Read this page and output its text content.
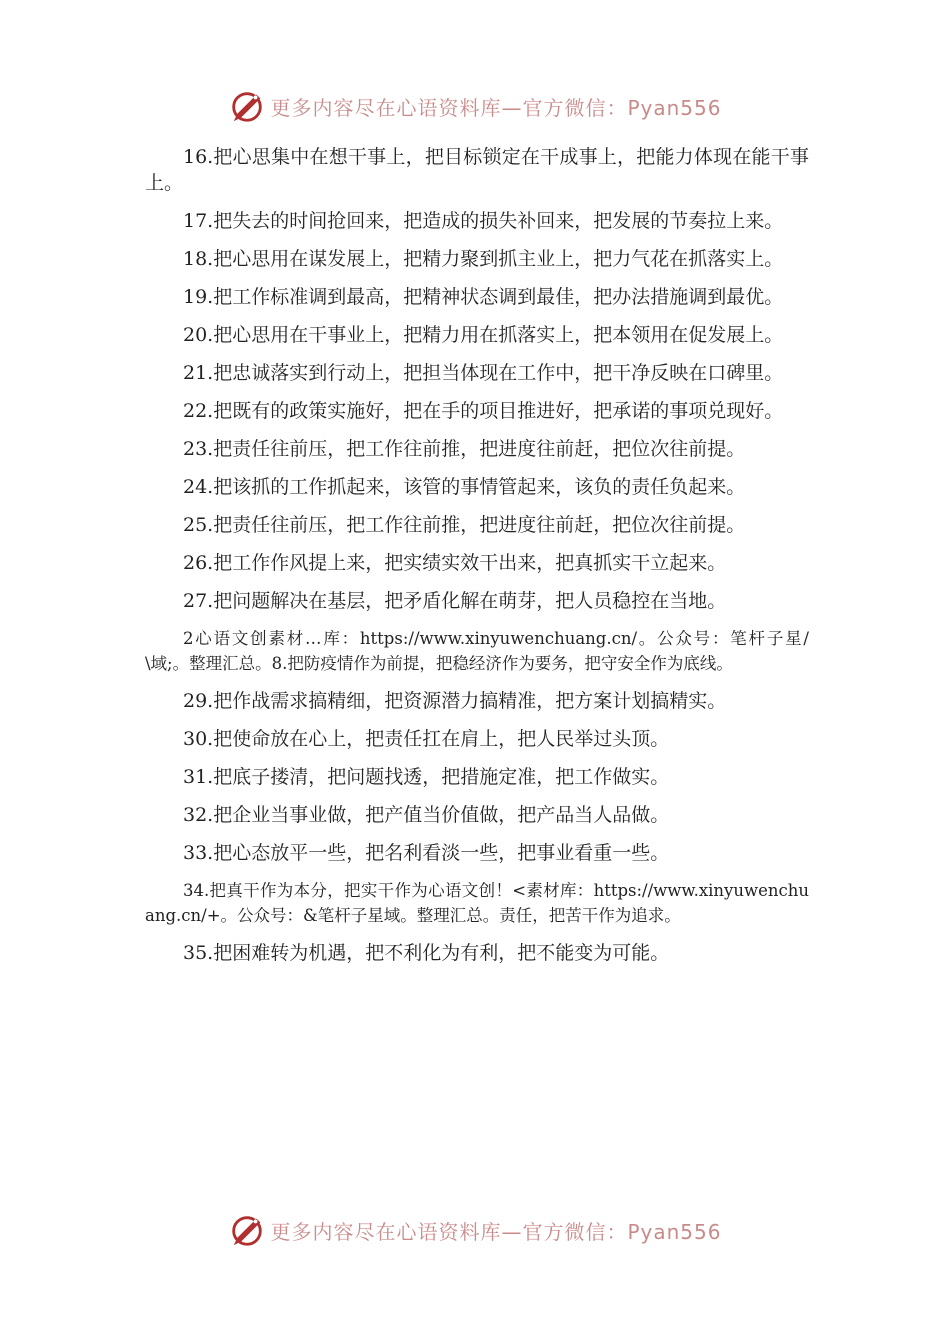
更多内容尽在心语资料库—官方微信：Pyan556

16.把心思集中在想干事上，把目标锁定在干成事上，把能力体现在能干事上。

17.把失去的时间抢回来，把造成的损失补回来，把发展的节奏拉上来。

18.把心思用在谋发展上，把精力聚到抓主业上，把力气花在抓落实上。

19.把工作标准调到最高，把精神状态调到最佳，把办法措施调到最优。

20.把心思用在干事业上，把精力用在抓落实上，把本领用在促发展上。

21.把忠诚落实到行动上，把担当体现在工作中，把干净反映在口碑里。

22.把既有的政策实施好，把在手的项目推进好，把承诺的事项兑现好。

23.把责任往前压，把工作往前推，把进度往前赶，把位次往前提。

24.把该抓的工作抓起来，该管的事情管起来，该负的责任负起来。

25.把责任往前压，把工作往前推，把进度往前赶，把位次往前提。

26.把工作作风提上来，把实绩实效干出来，把真抓实干立起来。

27.把问题解决在基层，把矛盾化解在萌芽，把人员稳控在当地。

2心语文创素材…库：https://www.xinyuwenchuang.cn/。公众号：笔杆子星/\域;。整理汇总。8.把防疫情作为前提，把稳经济作为要务，把守安全作为底线。

29.把作战需求搞精细，把资源潜力搞精准，把方案计划搞精实。

30.把使命放在心上，把责任扛在肩上，把人民举过头顶。

31.把底子搂清，把问题找透，把措施定准，把工作做实。

32.把企业当事业做，把产值当价值做，把产品当人品做。

33.把心态放平一些，把名利看淡一些，把事业看重一些。

34.把真干作为本分，把实干作为心语文创！<素材库：https://www.xinyuwenchuang.cn/+。公众号：&笔杆子星域。整理汇总。责任，把苦干作为追求。

35.把困难转为机遇，把不利化为有利，把不能变为可能。

更多内容尽在心语资料库—官方微信：Pyan556
